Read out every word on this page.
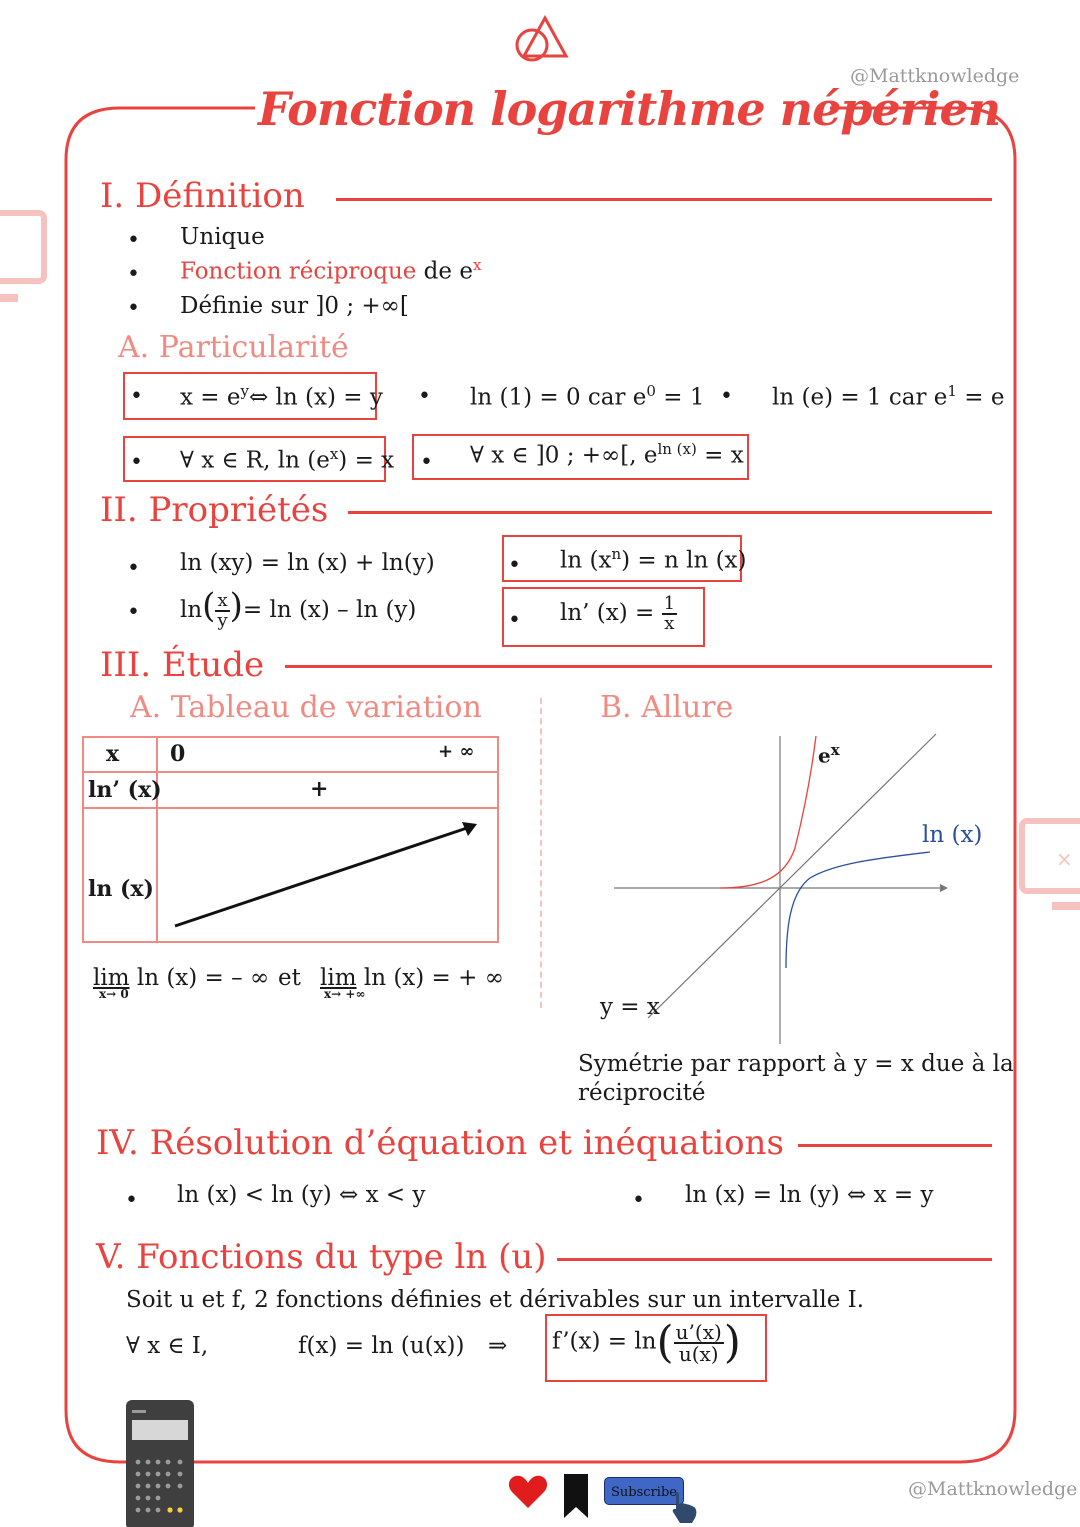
@Mattknowledge
×
Fonction logarithme népérien
I. Définition
• Unique
• Fonction réciproque de $e^x$
• Définie sur ]0 ; +∞[
A. Particularité
• $x = e^y\Leftrightarrow$ ln (x) = y • ln (1) = 0 car $e^0 = 1$ • ln (e) = 1 car $e^1 = e$
• ∀ x ∈ R, $\ln (e^x) = x$ • ∀ x ∈ ]0 ; +∞[, $e^{ln (x)} = x$
II. Propriétés
• ln (xy) = ln (x) + ln(y)
• $\ln( \frac{x}{y}$ )= ln (x) – ln (y)
• $\ln (x^n) = n$ ln (x)
• ln’ $(x) = \frac{1}{x}$
III. Étude
A. Tableau de variation	B. Allure
x 0	+ ∞
ln’ (x)	+
ln (x)
lim
x→ 0
ln (x) = – ∞ et lim
x→ +∞
ln (x) = + ∞
$e^x$
ln (x)
y = x
Symétrie par rapport à y = x due à la
réciprocité
IV. Résolution d’équation et inéquations
• ln (x) < ln (y) ⇔ x < y	• ln (x) = ln (y) ⇔ x = y
V. Fonctions du type ln (u)
Soit u et f, 2 fonctions définies et dérivables sur un intervalle I.
∀ x ∈ I,	f(x) = ln (u(x)) ⇒ f’(x) = $\ln( \frac{u’(x)}{u(x)}$ )
Subscribe	@Mattknowledge
